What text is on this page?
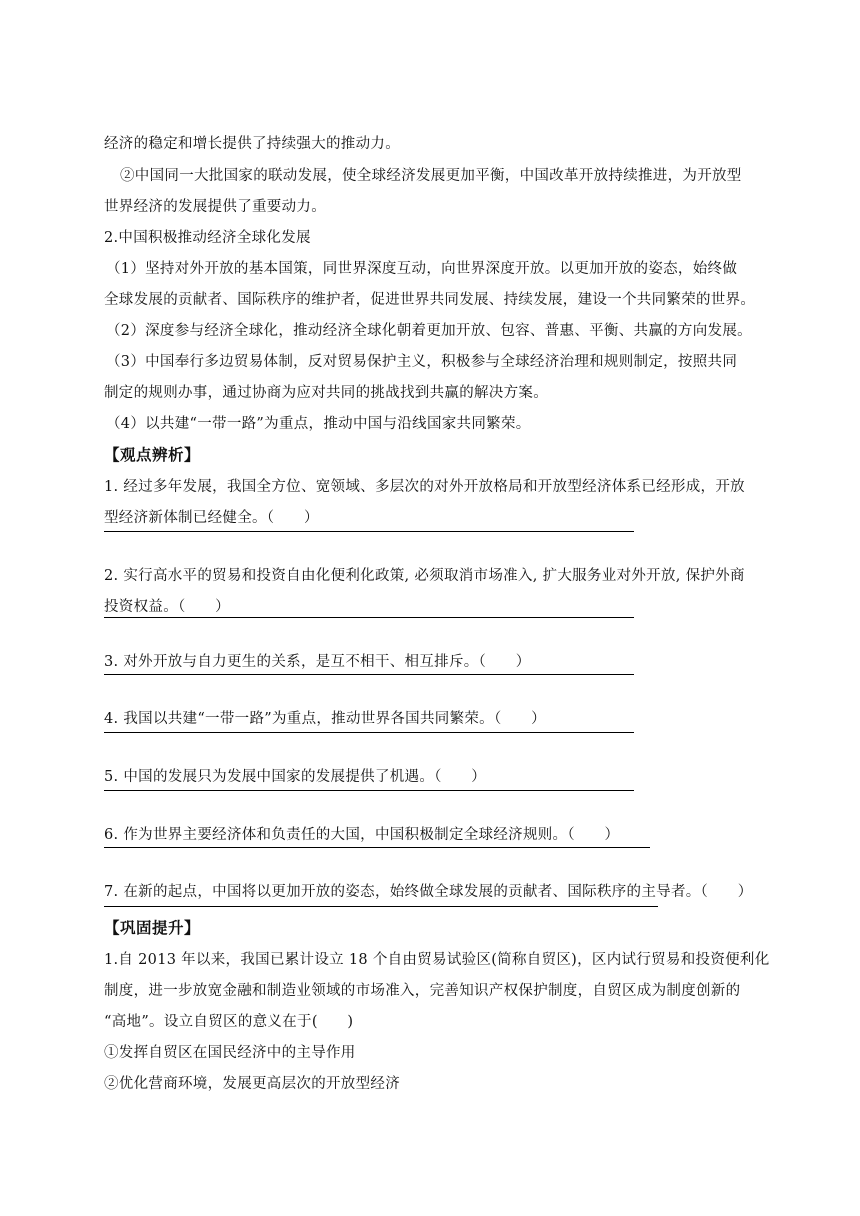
经济的稳定和增长提供了持续强大的推动力。
②中国同一大批国家的联动发展，使全球经济发展更加平衡，中国改革开放持续推进，为开放型
世界经济的发展提供了重要动力。
2.中国积极推动经济全球化发展
（1）坚持对外开放的基本国策，同世界深度互动，向世界深度开放。以更加开放的姿态，始终做
全球发展的贡献者、国际秩序的维护者，促进世界共同发展、持续发展，建设一个共同繁荣的世界。
（2）深度参与经济全球化，推动经济全球化朝着更加开放、包容、普惠、平衡、共赢的方向发展。
（3）中国奉行多边贸易体制，反对贸易保护主义，积极参与全球经济治理和规则制定，按照共同
制定的规则办事，通过协商为应对共同的挑战找到共赢的解决方案。
（4）以共建“一带一路”为重点，推动中国与沿线国家共同繁荣。
【观点辨析】
1. 经过多年发展，我国全方位、宽领域、多层次的对外开放格局和开放型经济体系已经形成，开放
型经济新体制已经健全。（　　）
2. 实行高水平的贸易和投资自由化便利化政策, 必须取消市场准入, 扩大服务业对外开放, 保护外商
投资权益。（　　）
3. 对外开放与自力更生的关系，是互不相干、相互排斥。（　　）
4. 我国以共建“一带一路”为重点，推动世界各国共同繁荣。（　　）
5. 中国的发展只为发展中国家的发展提供了机遇。（　　）
6. 作为世界主要经济体和负责任的大国，中国积极制定全球经济规则。（　　）
7. 在新的起点，中国将以更加开放的姿态，始终做全球发展的贡献者、国际秩序的主导者。（　　）
【巩固提升】
1.自 2013 年以来，我国已累计设立 18 个自由贸易试验区(简称自贸区)，区内试行贸易和投资便利化
制度，进一步放宽金融和制造业领域的市场准入，完善知识产权保护制度，自贸区成为制度创新的
“高地”。设立自贸区的意义在于(　　)
①发挥自贸区在国民经济中的主导作用
②优化营商环境，发展更高层次的开放型经济
